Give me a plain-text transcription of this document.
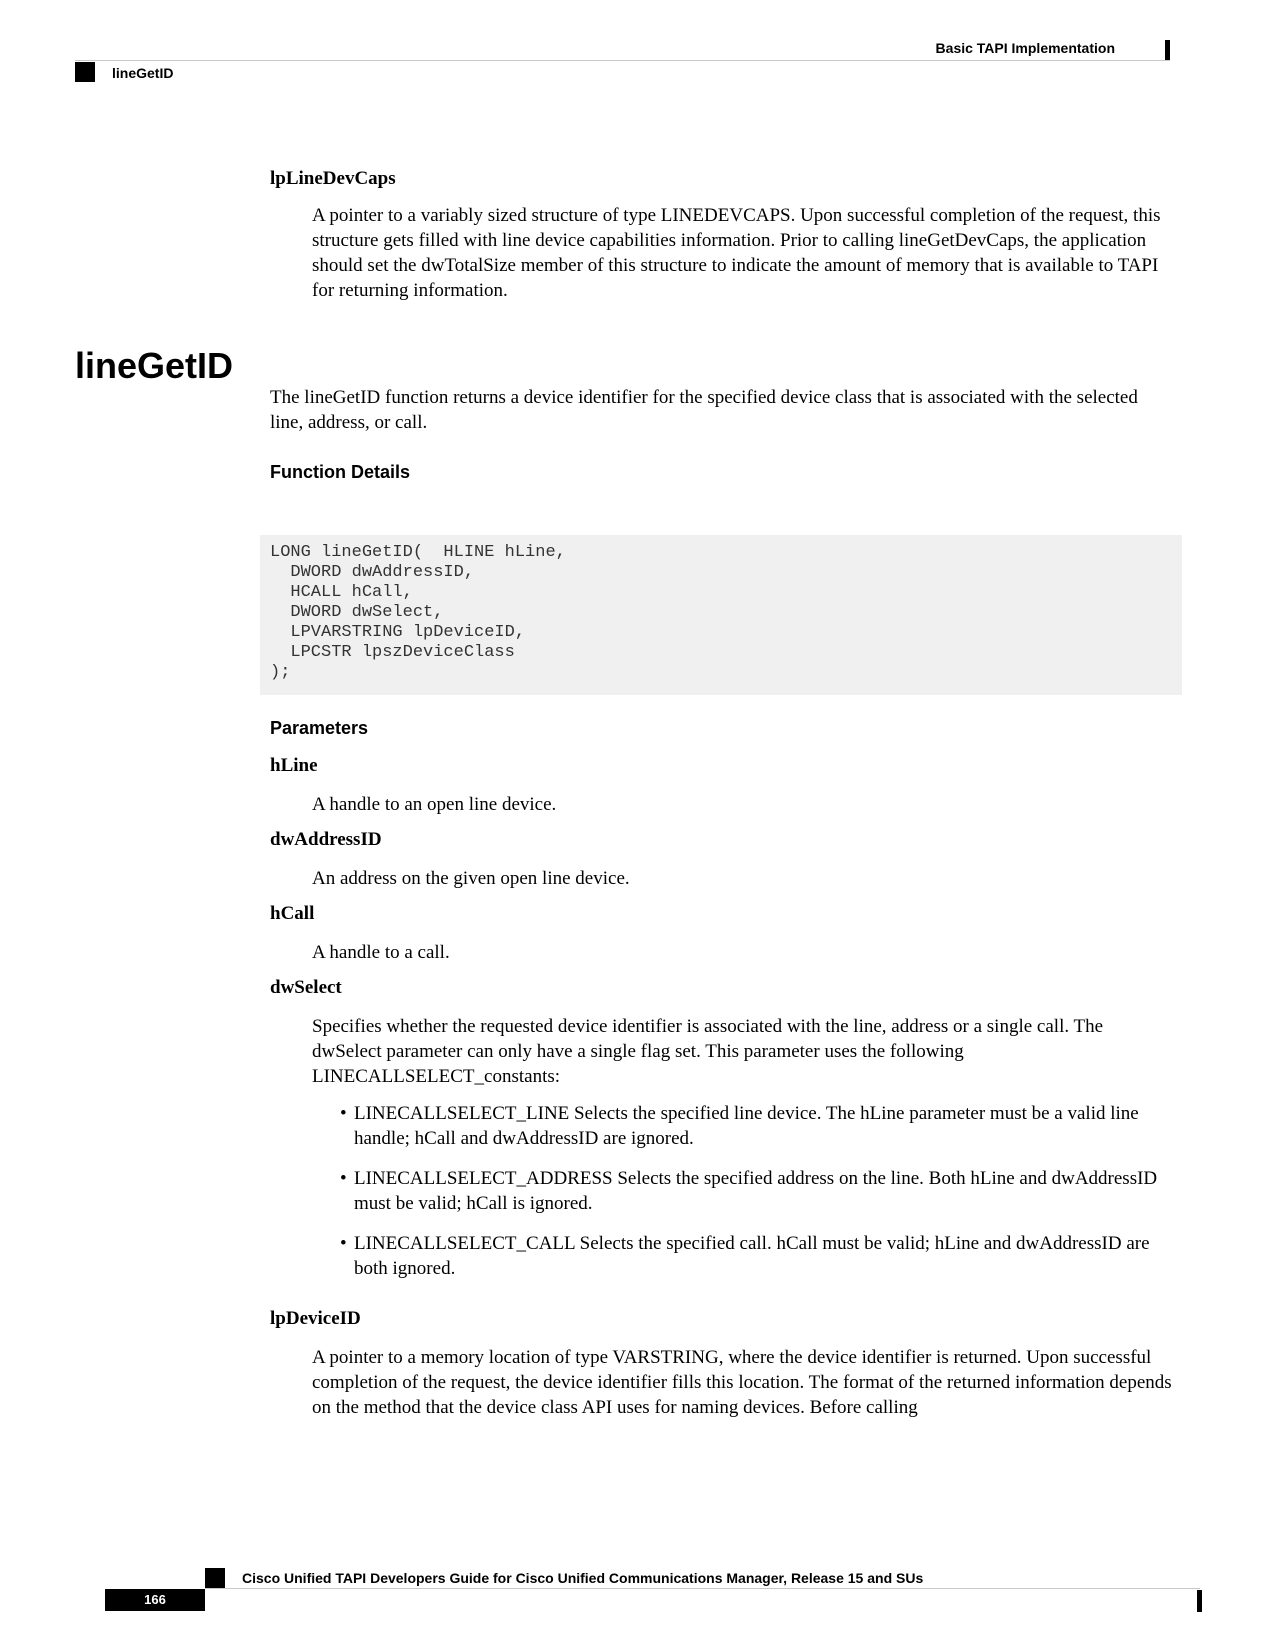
Basic TAPI Implementation
lineGetID
lpLineDevCaps

A pointer to a variably sized structure of type LINEDEVCAPS. Upon successful completion of the request, this structure gets filled with line device capabilities information. Prior to calling lineGetDevCaps, the application should set the dwTotalSize member of this structure to indicate the amount of memory that is available to TAPI for returning information.

lineGetID

The lineGetID function returns a device identifier for the specified device class that is associated with the selected line, address, or call.

Function Details
LONG lineGetID(  HLINE hLine,
DWORD dwAddressID,
HCALL hCall,
DWORD dwSelect,
LPVARSTRING lpDeviceID,
LPCSTR lpszDeviceClass
);
Parameters
hLine

A handle to an open line device.

dwAddressID

An address on the given open line device.

hCall

A handle to a call.

dwSelect

Specifies whether the requested device identifier is associated with the line, address or a single call. The dwSelect parameter can only have a single flag set. This parameter uses the following LINECALLSELECT_constants:

• LINECALLSELECT_LINE Selects the specified line device. The hLine parameter must be a valid line handle; hCall and dwAddressID are ignored.
• LINECALLSELECT_ADDRESS Selects the specified address on the line. Both hLine and dwAddressID must be valid; hCall is ignored.
• LINECALLSELECT_CALL Selects the specified call. hCall must be valid; hLine and dwAddressID are both ignored.
lpDeviceID

A pointer to a memory location of type VARSTRING, where the device identifier is returned. Upon successful completion of the request, the device identifier fills this location. The format of the returned information depends on the method that the device class API uses for naming devices. Before calling

Cisco Unified TAPI Developers Guide for Cisco Unified Communications Manager, Release 15 and SUs
166
